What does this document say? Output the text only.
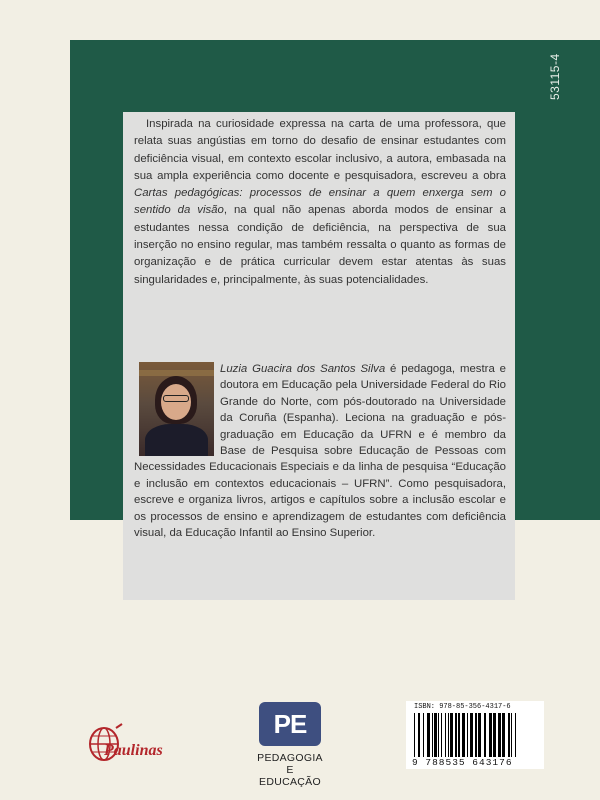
53115-4

Inspirada na curiosidade expressa na carta de uma professora, que relata suas angústias em torno do desafio de ensinar estudantes com deficiência visual, em contexto escolar inclusivo, a autora, embasada na sua ampla experiência como docente e pesquisadora, escreveu a obra Cartas pedagógicas: processos de ensinar a quem enxerga sem o sentido da visão, na qual não apenas aborda modos de ensinar a estudantes nessa condição de deficiência, na perspectiva de sua inserção no ensino regular, mas também ressalta o quanto as formas de organização e de prática curricular devem estar atentas às suas singularidades e, principalmente, às suas potencialidades.

Luzia Guacira dos Santos Silva é pedagoga, mestra e doutora em Educação pela Universidade Federal do Rio Grande do Norte, com pós-doutorado na Universidade da Coruña (Espanha). Leciona na graduação e pós-graduação em Educação da UFRN e é membro da Base de Pesquisa sobre Educação de Pessoas com Necessidades Educacionais Especiais e da linha de pesquisa “Educação e inclusão em contextos educacionais – UFRN”. Como pesquisadora, escreve e organiza livros, artigos e capítulos sobre a inclusão escolar e os processos de ensino e aprendizagem de estudantes com deficiência visual, da Educação Infantil ao Ensino Superior.

Paulinas
PE
PEDAGOGIA
E EDUCAÇÃO
ISBN: 978-85-356-4317-6
9 788535 643176
